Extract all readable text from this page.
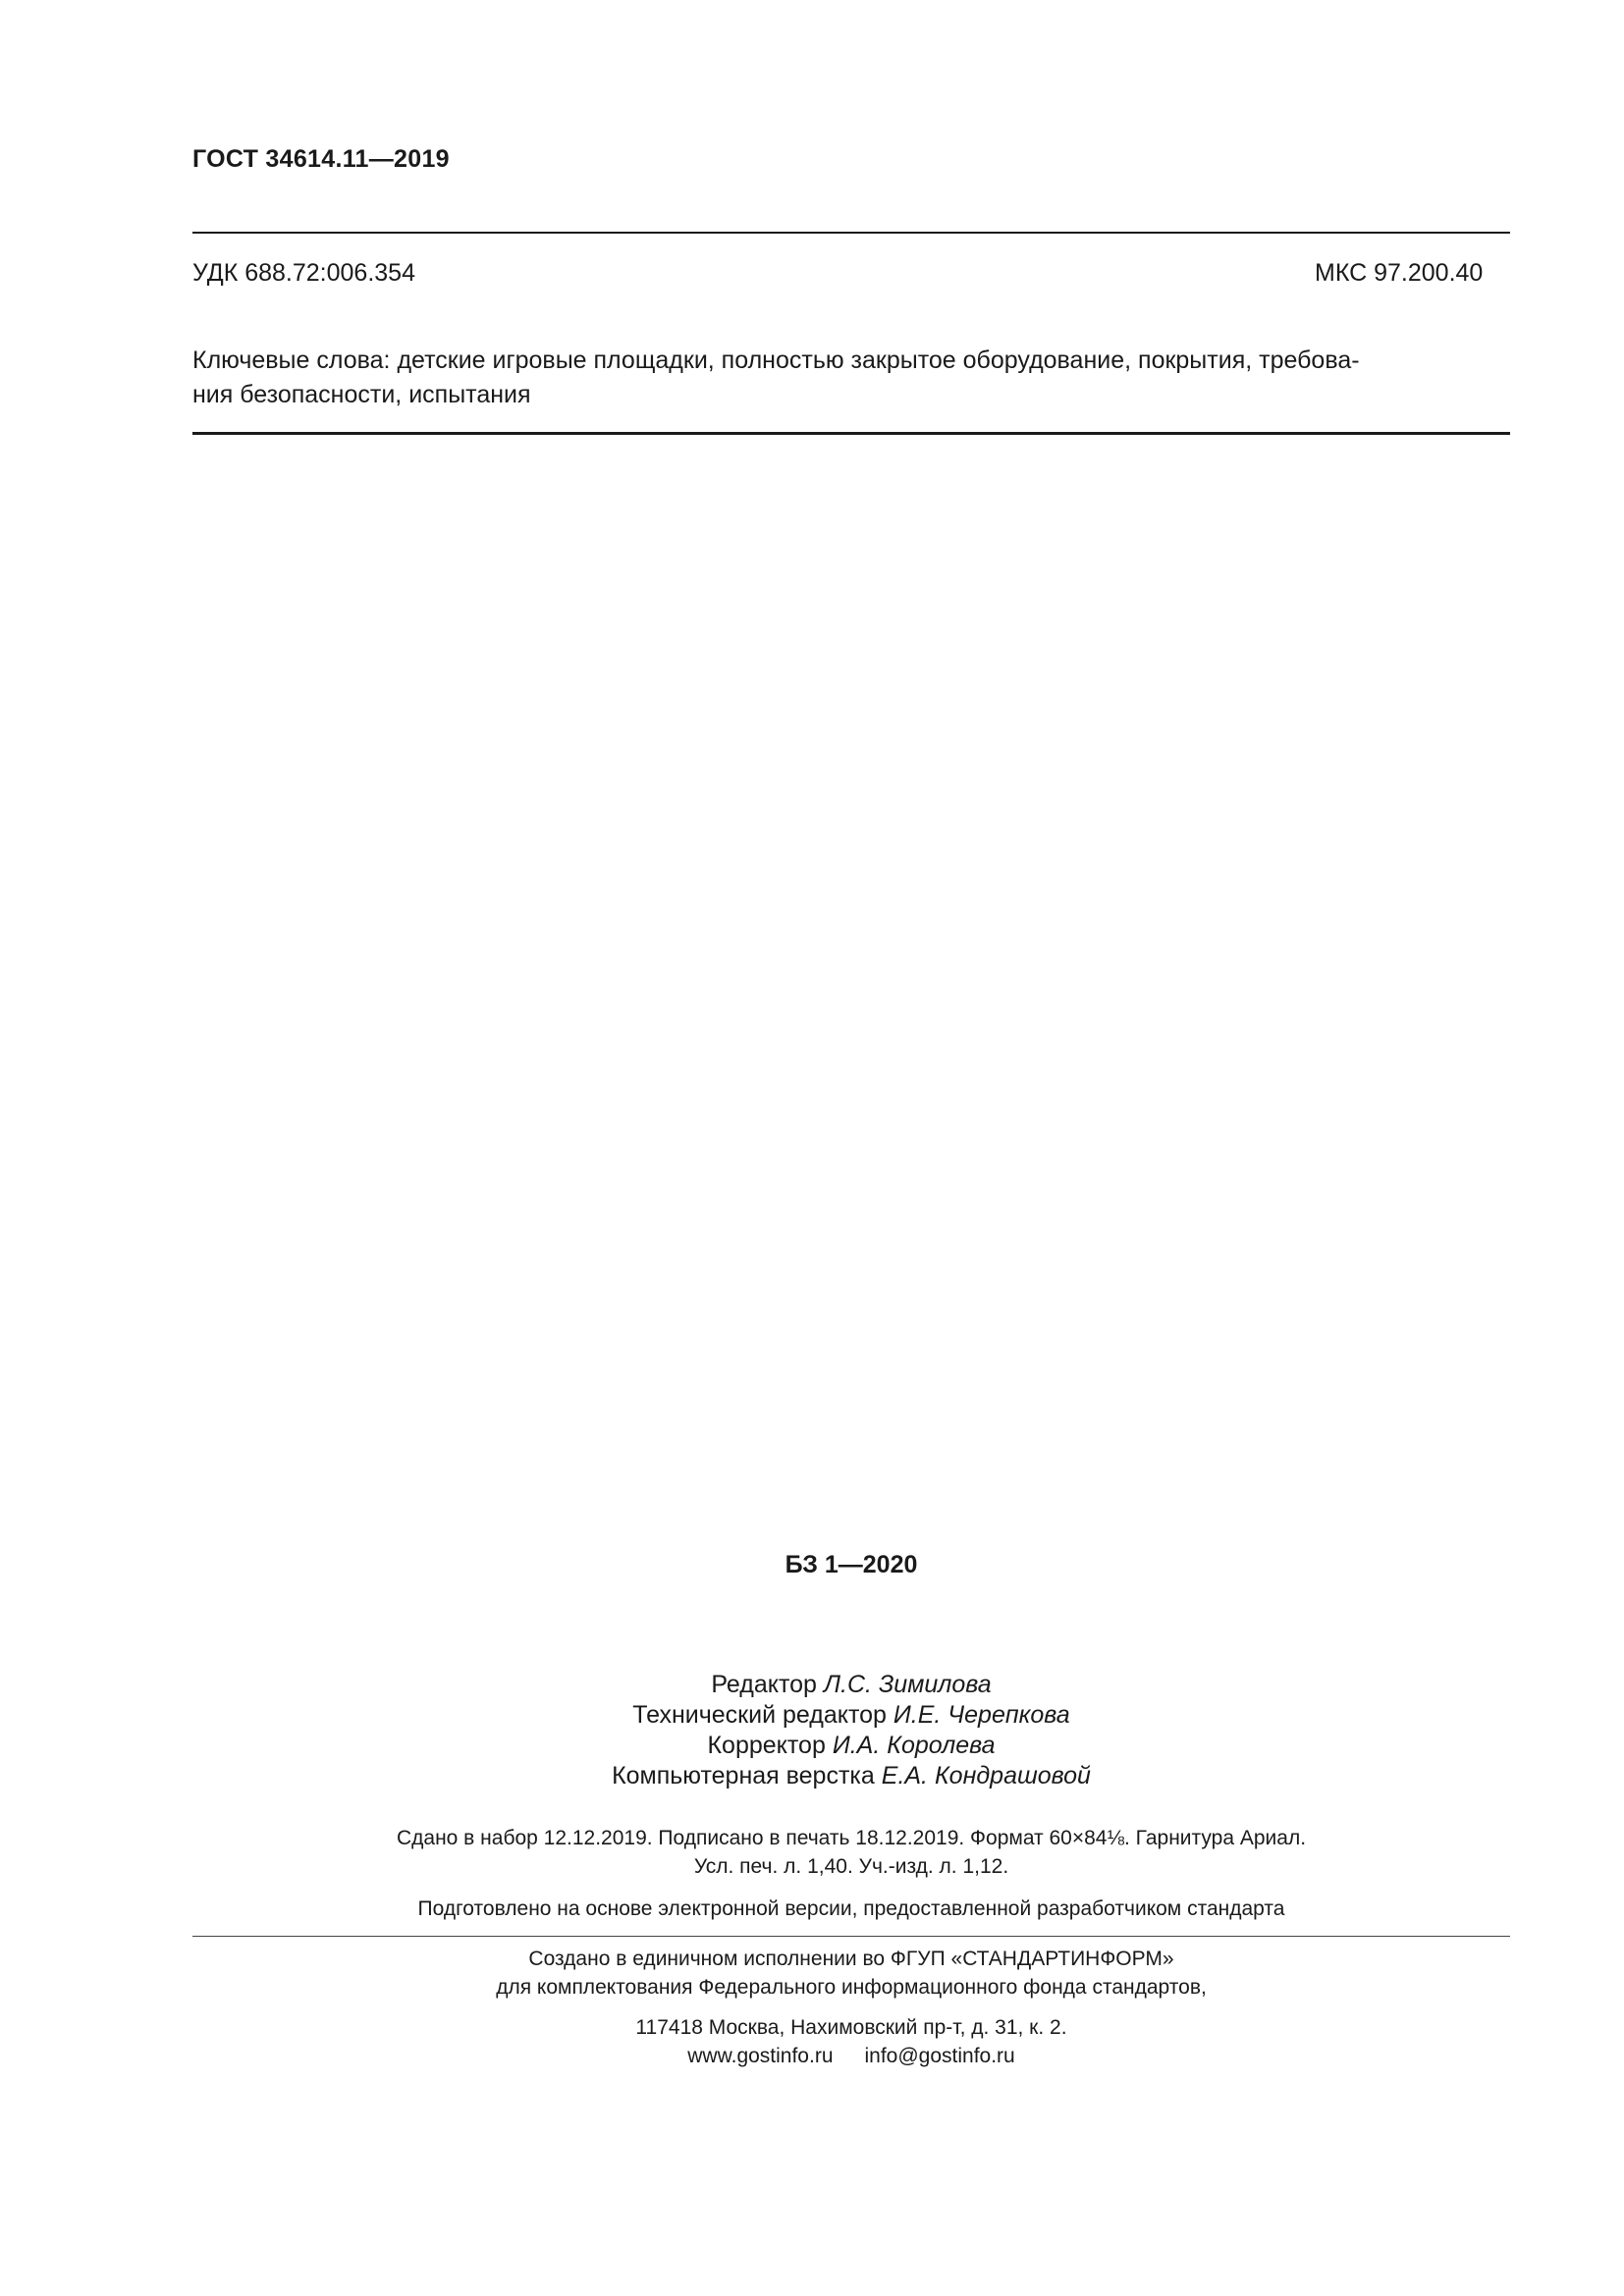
ГОСТ 34614.11—2019
УДК 688.72:006.354	МКС 97.200.40
Ключевые слова: детские игровые площадки, полностью закрытое оборудование, покрытия, требова-
ния безопасности, испытания
БЗ 1—2020
Редактор Л.С. Зимилова
Технический редактор И.Е. Черепкова
Корректор И.А. Королева
Компьютерная верстка Е.А. Кондрашовой
Сдано в набор 12.12.2019. Подписано в печать 18.12.2019. Формат 60×84⅛. Гарнитура Ариал.
Усл. печ. л. 1,40. Уч.-изд. л. 1,12.
Подготовлено на основе электронной версии, предоставленной разработчиком стандарта
Создано в единичном исполнении во ФГУП «СТАНДАРТИНФОРМ»
для комплектования Федерального информационного фонда стандартов,
117418 Москва, Нахимовский пр-т, д. 31, к. 2.
www.gostinfo.ru info@gostinfo.ru
